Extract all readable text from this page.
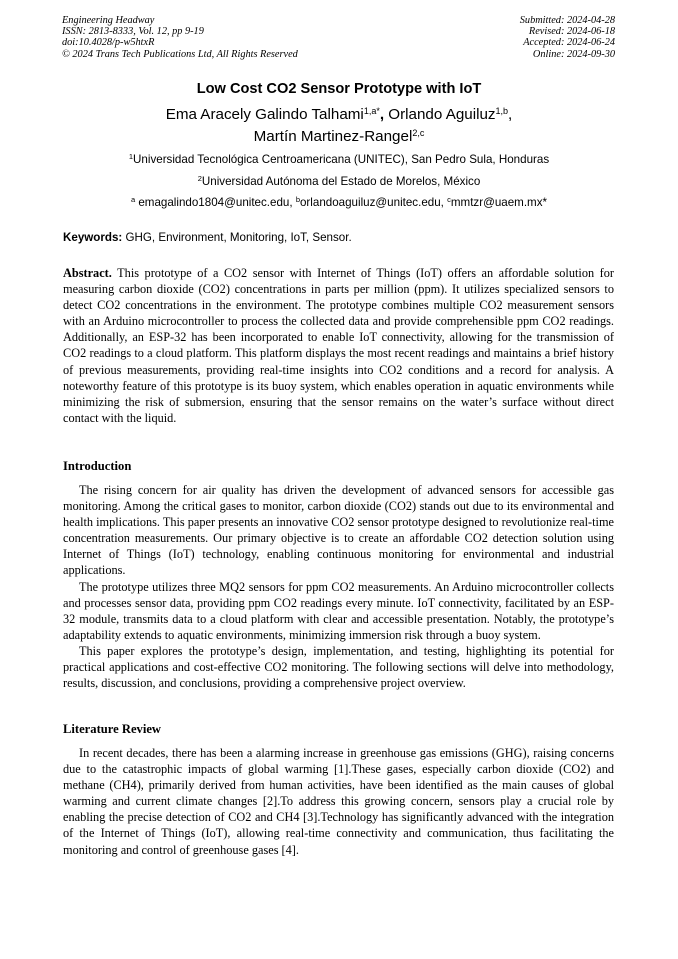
Engineering Headway
ISSN: 2813-8333, Vol. 12, pp 9-19
doi:10.4028/p-w5htxR
© 2024 Trans Tech Publications Ltd, All Rights Reserved
Submitted: 2024-04-28
Revised: 2024-06-18
Accepted: 2024-06-24
Online: 2024-09-30
Low Cost CO2 Sensor Prototype with IoT
Ema Aracely Galindo Talhami$^{1,a*}$, Orlando Aguiluz$^{1,b}$,
Martín Martinez-Rangel$^{2,c}$
$^1$Universidad Tecnológica Centroamericana (UNITEC), San Pedro Sula, Honduras
$^2$Universidad Autónoma del Estado de Morelos, México
$^a$ emagalindo1804@unitec.edu, $^b$orlandoaguiluz@unitec.edu, $^c$mmtzr@uaem.mx*
Keywords: GHG, Environment, Monitoring, IoT, Sensor.

Abstract. This prototype of a CO2 sensor with Internet of Things (IoT) offers an affordable solution for measuring carbon dioxide (CO2) concentrations in parts per million (ppm). It utilizes specialized sensors to detect CO2 concentrations in the environment. The prototype combines multiple CO2 measurement sensors with an Arduino microcontroller to process the collected data and provide comprehensible ppm CO2 readings. Additionally, an ESP-32 has been incorporated to enable IoT connectivity, allowing for the transmission of CO2 readings to a cloud platform. This platform displays the most recent readings and maintains a brief history of previous measurements, providing real-time insights into CO2 conditions and a record for analysis. A noteworthy feature of this prototype is its buoy system, which enables operation in aquatic environments while minimizing the risk of submersion, ensuring that the sensor remains on the water’s surface without direct contact with the liquid.

Introduction

The rising concern for air quality has driven the development of advanced sensors for accessible gas monitoring. Among the critical gases to monitor, carbon dioxide (CO2) stands out due to its environmental and health implications. This paper presents an innovative CO2 sensor prototype designed to revolutionize real-time concentration measurements. Our primary objective is to create an affordable CO2 detection solution using Internet of Things (IoT) technology, enabling continuous monitoring for environmental and industrial applications.

The prototype utilizes three MQ2 sensors for ppm CO2 measurements. An Arduino microcontroller collects and processes sensor data, providing ppm CO2 readings every minute. IoT connectivity, facilitated by an ESP-32 module, transmits data to a cloud platform with clear and accessible presentation. Notably, the prototype’s adaptability extends to aquatic environments, minimizing immersion risk through a buoy system.

This paper explores the prototype’s design, implementation, and testing, highlighting its potential for practical applications and cost-effective CO2 monitoring. The following sections will delve into methodology, results, discussion, and conclusions, providing a comprehensive project overview.

Literature Review

In recent decades, there has been a alarming increase in greenhouse gas emissions (GHG), raising concerns due to the catastrophic impacts of global warming [1].These gases, especially carbon dioxide (CO2) and methane (CH4), primarily derived from human activities, have been identified as the main causes of global warming and current climate changes [2].To address this growing concern, sensors play a crucial role by enabling the precise detection of CO2 and CH4 [3].Technology has significantly advanced with the integration of the Internet of Things (IoT), allowing real-time connectivity and communication, thus facilitating the monitoring and control of greenhouse gases [4].
